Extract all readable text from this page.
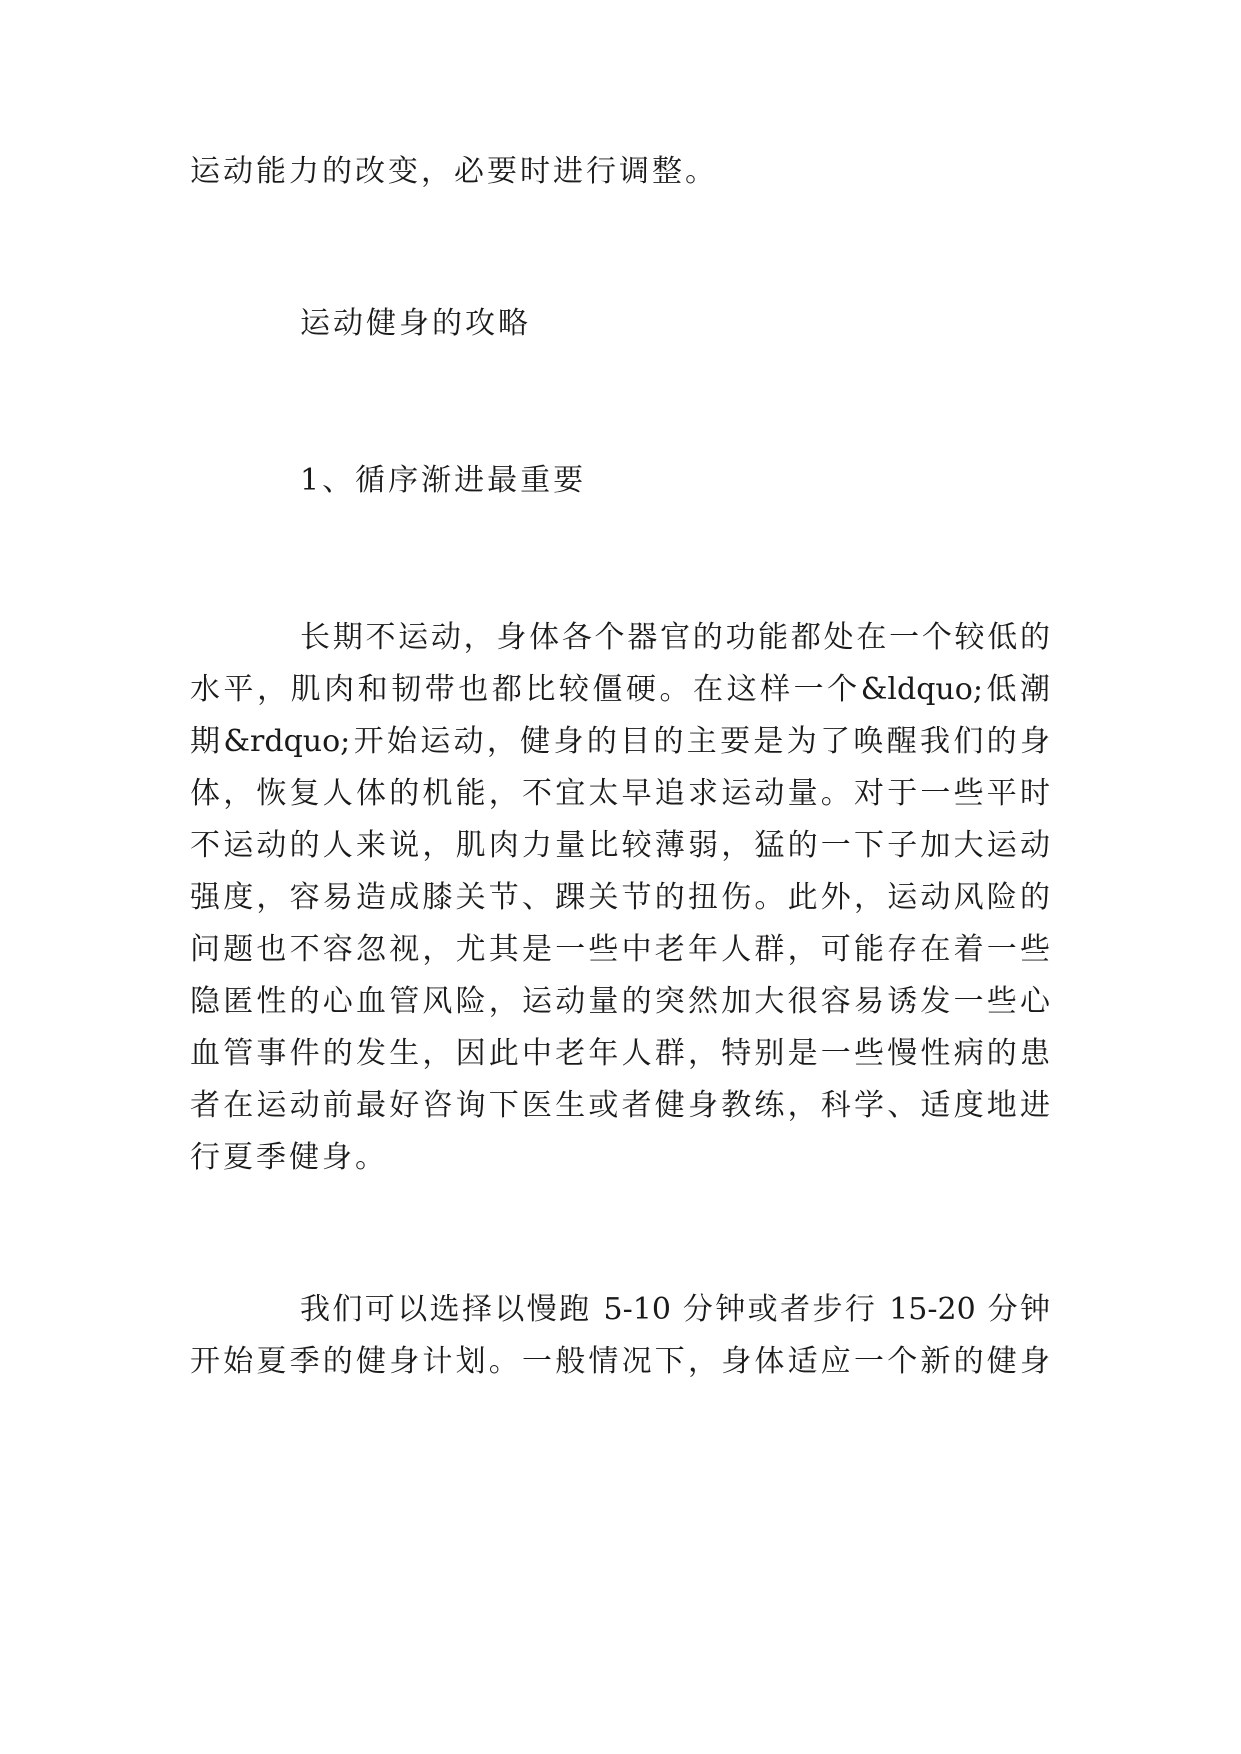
运动能力的改变，必要时进行调整。
运动健身的攻略
1、循序渐进最重要
长期不运动，身体各个器官的功能都处在一个较低的
水平，肌肉和韧带也都比较僵硬。在这样一个&ldquo;低潮
期&rdquo;开始运动，健身的目的主要是为了唤醒我们的身
体，恢复人体的机能，不宜太早追求运动量。对于一些平时
不运动的人来说，肌肉力量比较薄弱，猛的一下子加大运动
强度，容易造成膝关节、踝关节的扭伤。此外，运动风险的
问题也不容忽视，尤其是一些中老年人群，可能存在着一些
隐匿性的心血管风险，运动量的突然加大很容易诱发一些心
血管事件的发生，因此中老年人群，特别是一些慢性病的患
者在运动前最好咨询下医生或者健身教练，科学、适度地进
行夏季健身。
我们可以选择以慢跑 5-10 分钟或者步行 15-20 分钟
开始夏季的健身计划。一般情况下，身体适应一个新的健身
